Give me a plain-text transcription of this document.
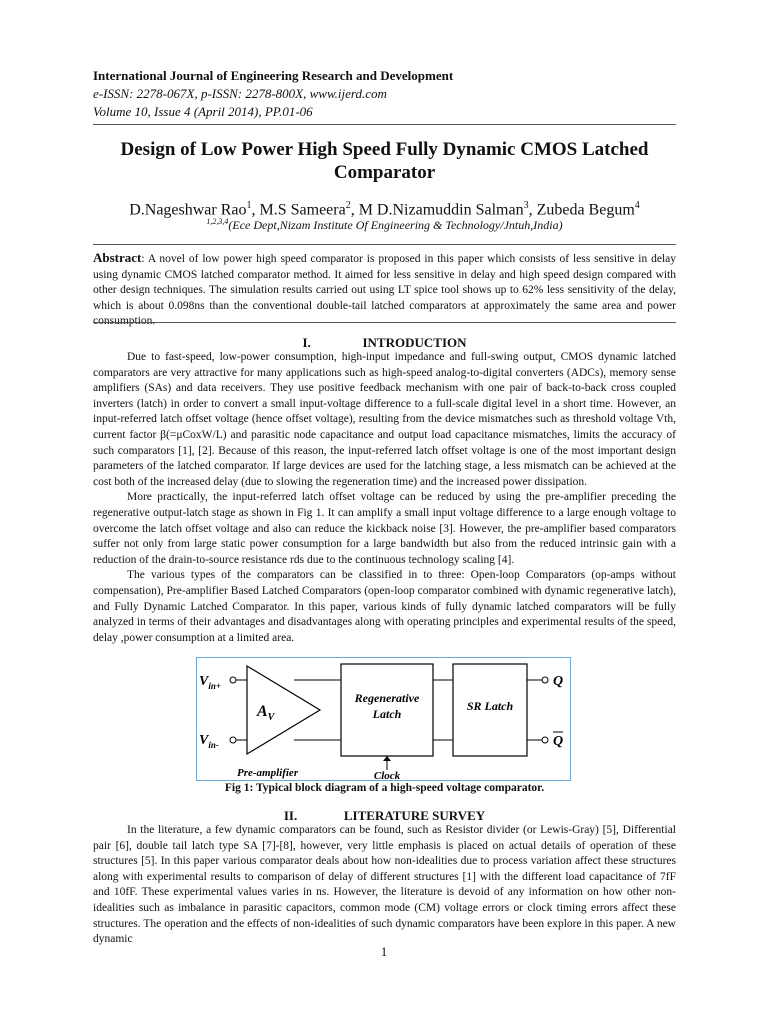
International Journal of Engineering Research and Development
e-ISSN: 2278-067X, p-ISSN: 2278-800X, www.ijerd.com
Volume 10, Issue 4 (April 2014), PP.01-06
Design of Low Power High Speed Fully Dynamic CMOS Latched
Comparator
D.Nageshwar Rao$^1$, M.S Sameera$^2$, M D.Nizamuddin Salman$^3$, Zubeda Begum$^4$
$^{1,2,3,4}$(Ece Dept,Nizam Institute Of Engineering & Technology/Jntuh,India)
Abstract: A novel of low power high speed comparator is proposed in this paper which consists of less sensitive in delay using dynamic CMOS latched comparator method. It aimed for less sensitive in delay and high speed design compared with other design techniques. The simulation results carried out using LT spice tool shows up to 62% less sensitivity of the delay, which is about 0.098ns than the conventional double-tail latched comparators at approximately the same area and power consumption.
I.	INTRODUCTION

Due to fast-speed, low-power consumption, high-input impedance and full-swing output, CMOS dynamic latched comparators are very attractive for many applications such as high-speed analog-to-digital converters (ADCs), memory sense amplifiers (SAs) and data receivers. They use positive feedback mechanism with one pair of back-to-back cross coupled inverters (latch) in order to convert a small input-voltage difference to a full-scale digital level in a short time. However, an input-referred latch offset voltage (hence offset voltage), resulting from the device mismatches such as threshold voltage Vth, current factor β(=μCoxW/L) and parasitic node capacitance and output load capacitance mismatches, limits the accuracy of such comparators [1], [2]. Because of this reason, the input-referred latch offset voltage is one of the most important design parameters of the latched comparator. If large devices are used for the latching stage, a less mismatch can be achieved at the cost both of the increased delay (due to slowing the regeneration time) and the increased power dissipation.

More practically, the input-referred latch offset voltage can be reduced by using the pre-amplifier preceding the regenerative output-latch stage as shown in Fig 1. It can amplify a small input voltage difference to a large enough voltage to overcome the latch offset voltage and also can reduce the kickback noise [3]. However, the pre-amplifier based comparators suffer not only from large static power consumption for a large bandwidth but also from the reduced intrinsic gain with a reduction of the drain-to-source resistance rds due to the continuous technology scaling [4].

The various types of the comparators can be classified in to three: Open-loop Comparators (op-amps without compensation), Pre-amplifier Based Latched Comparators (open-loop comparator combined with dynamic regenerative latch), and Fully Dynamic Latched Comparator. In this paper, various kinds of fully dynamic latched comparators will be fully analyzed in terms of their advantages and disadvantages along with operating principles and experimental results of the speed, delay ,power consumption at a limited area.

$V_{in+}$
$V_{in-}$
$A_V$
Regenerative
Latch
SR Latch
Q
Q
Clock
Pre-amplifier
Fig 1: Typical block diagram of a high-speed voltage comparator.
II.	LITERATURE SURVEY

In the literature, a few dynamic comparators can be found, such as Resistor divider (or Lewis-Gray) [5], Differential pair [6], double tail latch type SA [7]-[8], however, very little emphasis is placed on actual details of operation of these structures [5]. In this paper various comparator deals about how non-idealities due to process variation affect these structures along with experimental results to comparison of delay of different structures [1] with the different load capacitance of 7fF and 10fF. These experimental values varies in ns. However, the literature is devoid of any information on how other non-idealities such as imbalance in parasitic capacitors, common mode (CM) voltage errors or clock timing errors affect these structures. The operation and the effects of non-idealities of such dynamic comparators have been explore in this paper. A new dynamic

1
